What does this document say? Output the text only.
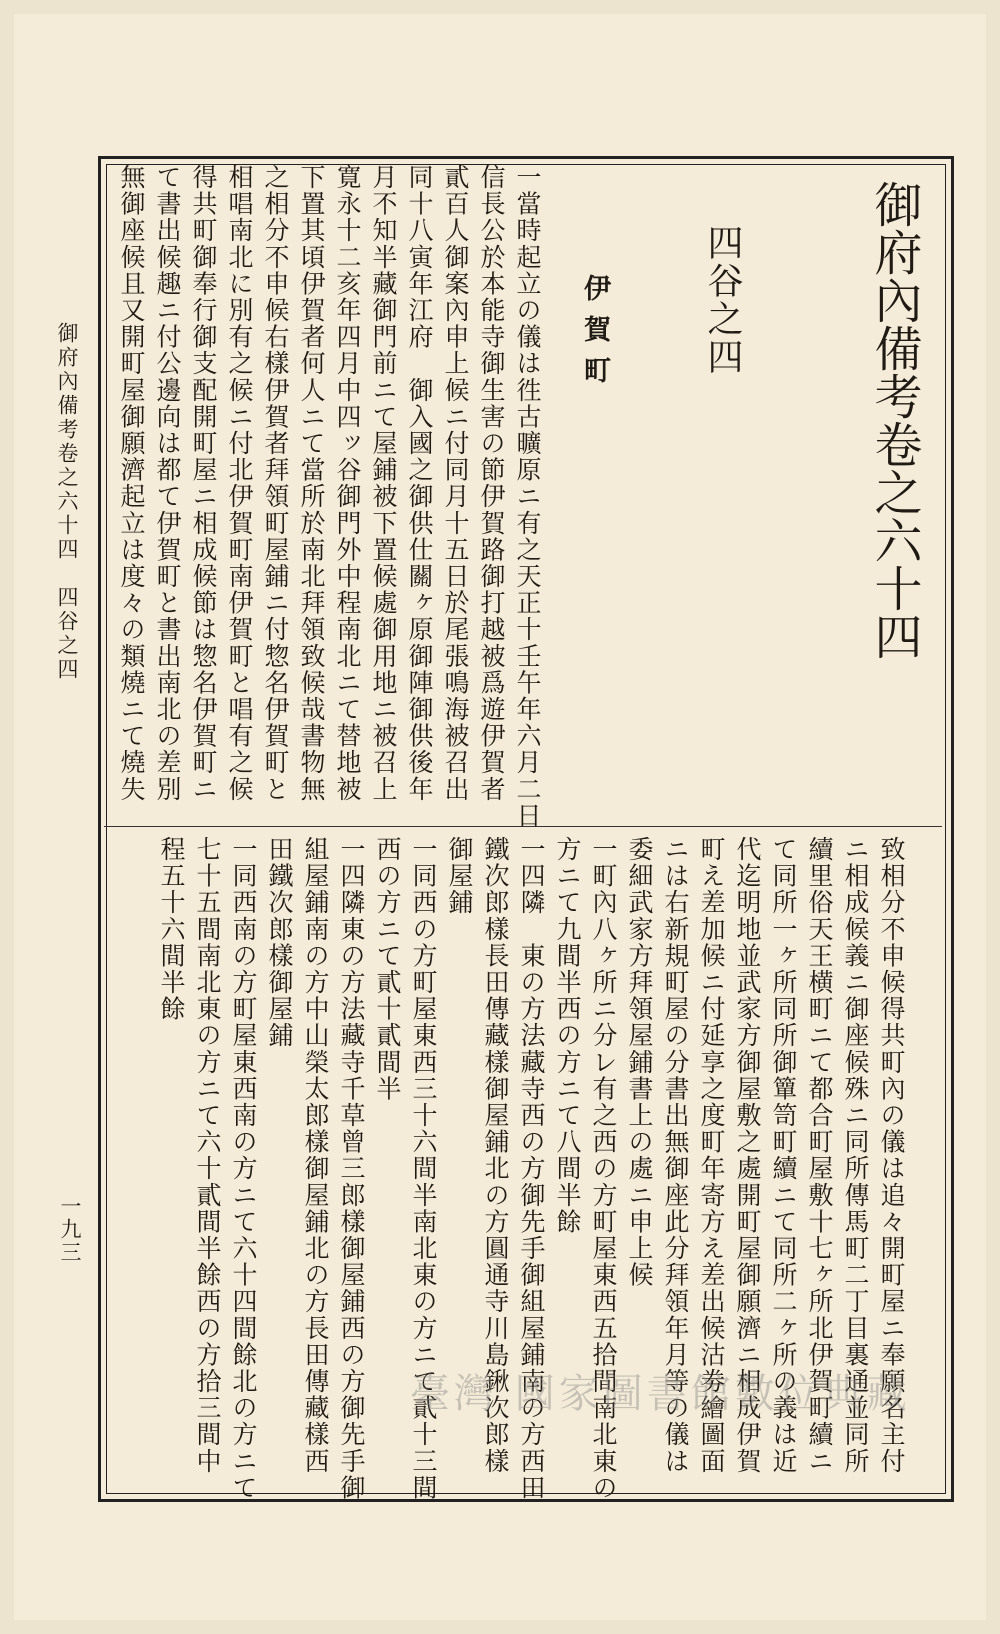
御府內備考卷之六十四　四谷之四
一九三
御府內備考卷之六十四
四谷之四
伊賀町
一當時起立の儀は徃古曠原ニ有之天正十壬午年六月二日
信長公於本能寺御生害の節伊賀路御打越被爲遊伊賀者
貳百人御案內申上候ニ付同月十五日於尾張鳴海被召出
同十八寅年江府　御入國之御供仕關ヶ原御陣御供後年
月不知半藏御門前ニて屋鋪被下置候處御用地ニ被召上
寛永十二亥年四月中四ッ谷御門外中程南北ニて替地被
下置其頃伊賀者何人ニて當所於南北拜領致候哉書物無
之相分不申候右樣伊賀者拜領町屋鋪ニ付惣名伊賀町と
相唱南北に別有之候ニ付北伊賀町南伊賀町と唱有之候
得共町御奉行御支配開町屋ニ相成候節は惣名伊賀町ニ
て書出候趣ニ付公邊向は都て伊賀町と書出南北の差別
無御座候且又開町屋御願濟起立は度々の類燒ニて燒失
致相分不申候得共町內の儀は追々開町屋ニ奉願名主付
ニ相成候義ニ御座候殊ニ同所傳馬町二丁目裏通並同所
續里俗天王横町ニて都合町屋敷十七ヶ所北伊賀町續ニ
て同所一ヶ所同所御簞笥町續ニて同所二ヶ所の義は近
代迄明地並武家方御屋敷之處開町屋御願濟ニ相成伊賀
町え差加候ニ付延享之度町年寄方え差出候沽劵繪圖面
ニは右新規町屋の分書出無御座此分拜領年月等の儀は
委細武家方拜領屋鋪書上の處ニ申上候
一町內八ヶ所ニ分レ有之西の方町屋東西五拾間南北東の
方ニて九間半西の方ニて八間半餘
一四隣　東の方法藏寺西の方御先手御組屋鋪南の方西田
鐵次郎樣長田傳藏樣御屋鋪北の方圓通寺川島鍬次郎樣
御屋鋪
一同西の方町屋東西三十六間半南北東の方ニて貳十三間
西の方ニて貳十貳間半
一四隣東の方法藏寺千草曾三郎樣御屋鋪西の方御先手御
組屋鋪南の方中山榮太郎樣御屋鋪北の方長田傳藏樣西
田鐵次郎樣御屋鋪
一同西南の方町屋東西南の方ニて六十四間餘北の方ニて
七十五間南北東の方ニて六十貳間半餘西の方拾三間中
程五十六間半餘
臺灣 國家圖書館數位典藏
